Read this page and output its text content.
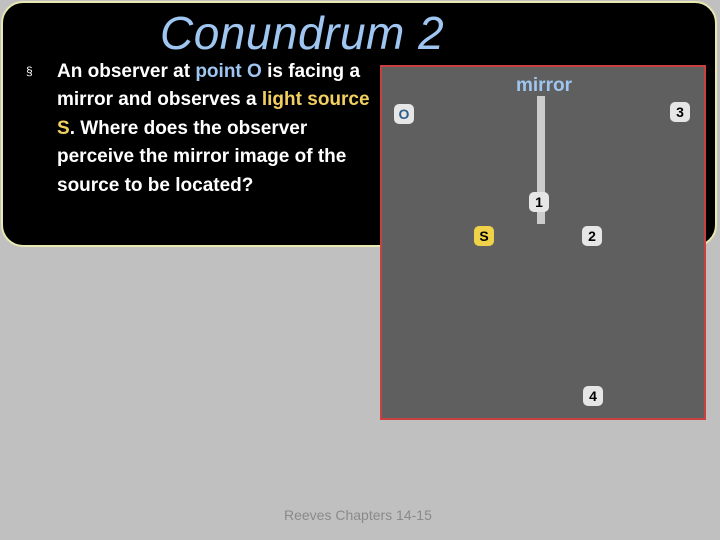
Conundrum 2
§ An observer at point O is facing a mirror and observes a light source S. Where does the observer perceive the mirror image of the source to be located?
mirror
O	3
1
S	2
4
Reeves Chapters 14-15
